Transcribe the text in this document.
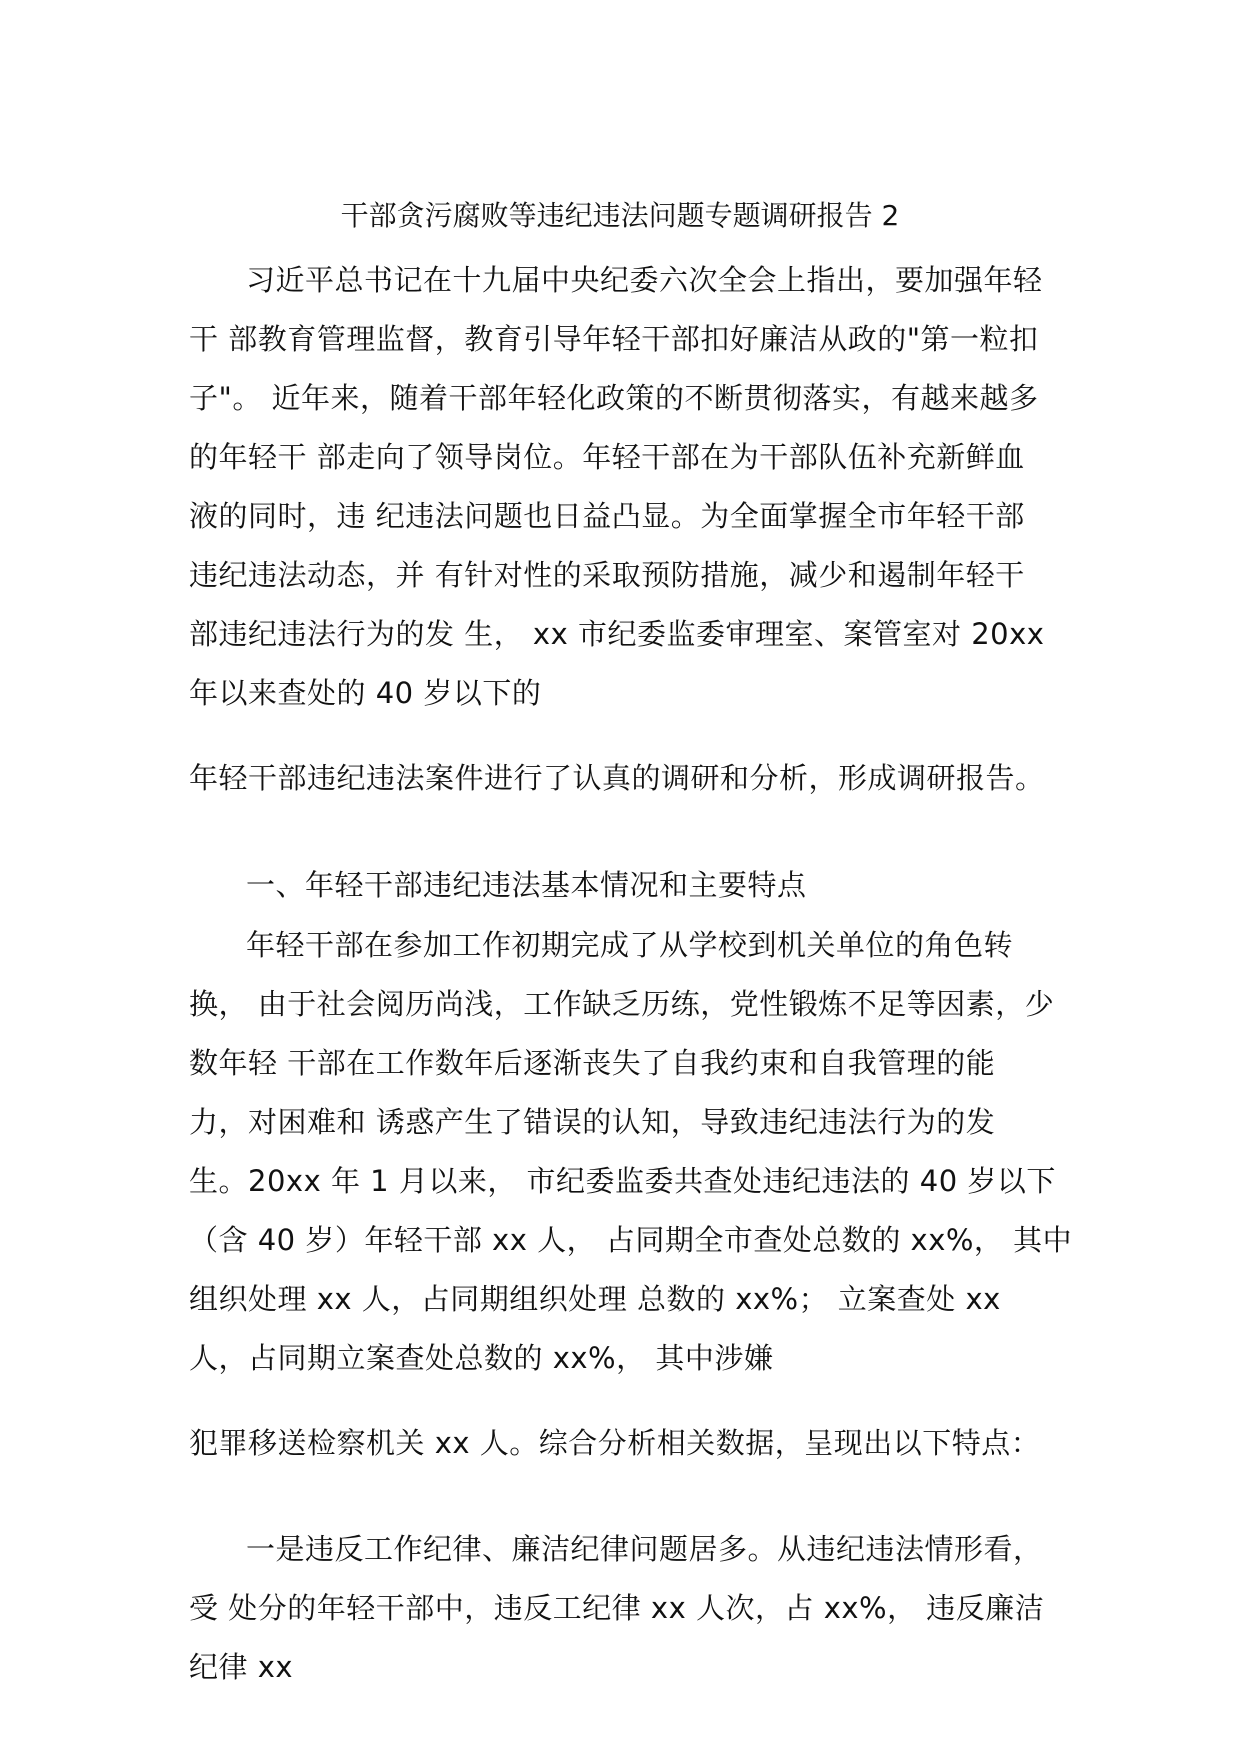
干部贪污腐败等违纪违法问题专题调研报告 2
习近平总书记在十九届中央纪委六次全会上指出，要加强年轻
干 部教育管理监督，教育引导年轻干部扣好廉洁从政的"第一粒扣
子"。 近年来，随着干部年轻化政策的不断贯彻落实，有越来越多
的年轻干 部走向了领导岗位。年轻干部在为干部队伍补充新鲜血
液的同时，违 纪违法问题也日益凸显。为全面掌握全市年轻干部
违纪违法动态，并 有针对性的采取预防措施，减少和遏制年轻干
部违纪违法行为的发 生， xx 市纪委监委审理室、案管室对 20xx
年以来查处的 40 岁以下的
年轻干部违纪违法案件进行了认真的调研和分析，形成调研报告。
一、年轻干部违纪违法基本情况和主要特点
年轻干部在参加工作初期完成了从学校到机关单位的角色转
换， 由于社会阅历尚浅，工作缺乏历练，党性锻炼不足等因素，少
数年轻 干部在工作数年后逐渐丧失了自我约束和自我管理的能
力，对困难和 诱惑产生了错误的认知，导致违纪违法行为的发
生。20xx 年 1 月以来， 市纪委监委共查处违纪违法的 40 岁以下
（含 40 岁）年轻干部 xx 人， 占同期全市查处总数的 xx%， 其中
组织处理 xx 人，占同期组织处理 总数的 xx%； 立案查处 xx
人，占同期立案查处总数的 xx%， 其中涉嫌
犯罪移送检察机关 xx 人。综合分析相关数据，呈现出以下特点：
一是违反工作纪律、廉洁纪律问题居多。从违纪违法情形看，
受 处分的年轻干部中，违反工纪律 xx 人次，占 xx%， 违反廉洁
纪律 xx
